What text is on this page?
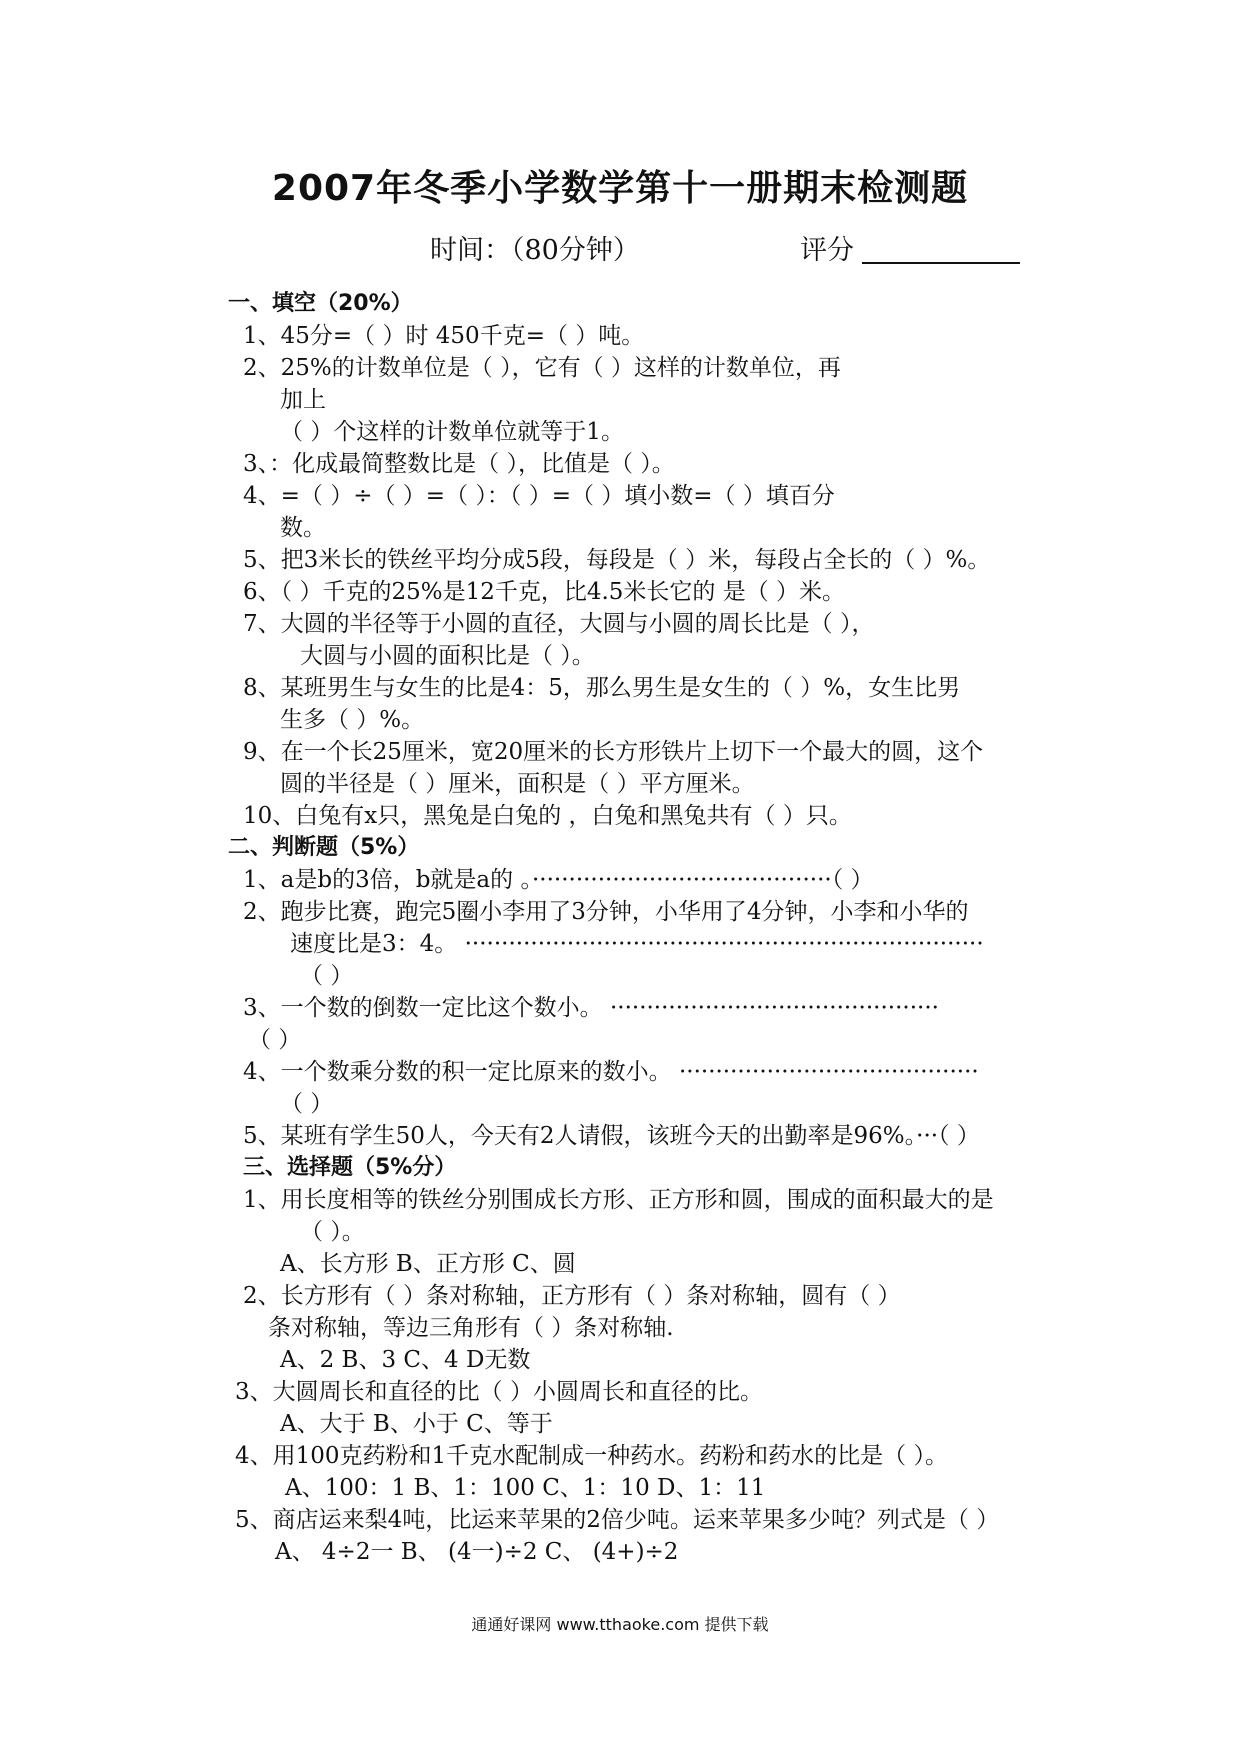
2007年冬季小学数学第十一册期末检测题
时间：（80分钟）	评分
一、填空（20%）
1、45分=（ ）时 450千克=（ ）吨。
2、25%的计数单位是（ ），它有（ ）这样的计数单位，再
加上
（ ）个这样的计数单位就等于1。
3、：化成最简整数比是（ ），比值是（ ）。
4、=（ ）÷（ ）=（ ）：（ ）=（ ）填小数=（ ）填百分
数。
5、把3米长的铁丝平均分成5段，每段是（ ）米，每段占全长的（ ）%。
6、（ ）千克的25%是12千克，比4.5米长它的 是（ ）米。
7、大圆的半径等于小圆的直径，大圆与小圆的周长比是（ ），
大圆与小圆的面积比是（ ）。
8、某班男生与女生的比是4：5，那么男生是女生的（ ）%，女生比男
生多（ ）%。
9、在一个长25厘米，宽20厘米的长方形铁片上切下一个最大的圆，这个
圆的半径是（ ）厘米，面积是（ ）平方厘米。
10、白兔有x只，黑兔是白兔的 ，白兔和黑兔共有（ ）只。
二、判断题（5%）
1、a是b的3倍，b就是a的 。·········································（ ）
2、跑步比赛，跑完5圈小李用了3分钟，小华用了4分钟，小李和小华的
速度比是3：4。 ·······································································
（ ）
3、一个数的倒数一定比这个数小。 ·············································
（ ）
4、一个数乘分数的积一定比原来的数小。 ·········································
（ ）
5、某班有学生50人，今天有2人请假，该班今天的出勤率是96%。···（ ）
三、选择题（5%分）
1、用长度相等的铁丝分别围成长方形、正方形和圆，围成的面积最大的是
（ ）。
A、长方形 B、正方形 C、圆
2、长方形有（ ）条对称轴，正方形有（ ）条对称轴，圆有（ ）
条对称轴，等边三角形有（ ）条对称轴.
A、2 B、3 C、4 D无数
3、大圆周长和直径的比（ ）小圆周长和直径的比。
A、大于 B、小于 C、等于
4、用100克药粉和1千克水配制成一种药水。药粉和药水的比是（ ）。
A、100：1 B、1：100 C、1：10 D、1：11
5、商店运来梨4吨，比运来苹果的2倍少吨。运来苹果多少吨？列式是（ ）
A、 4÷2一 B、 (4一)÷2 C、 (4+)÷2
通通好课网 www.tthaoke.com 提供下载
